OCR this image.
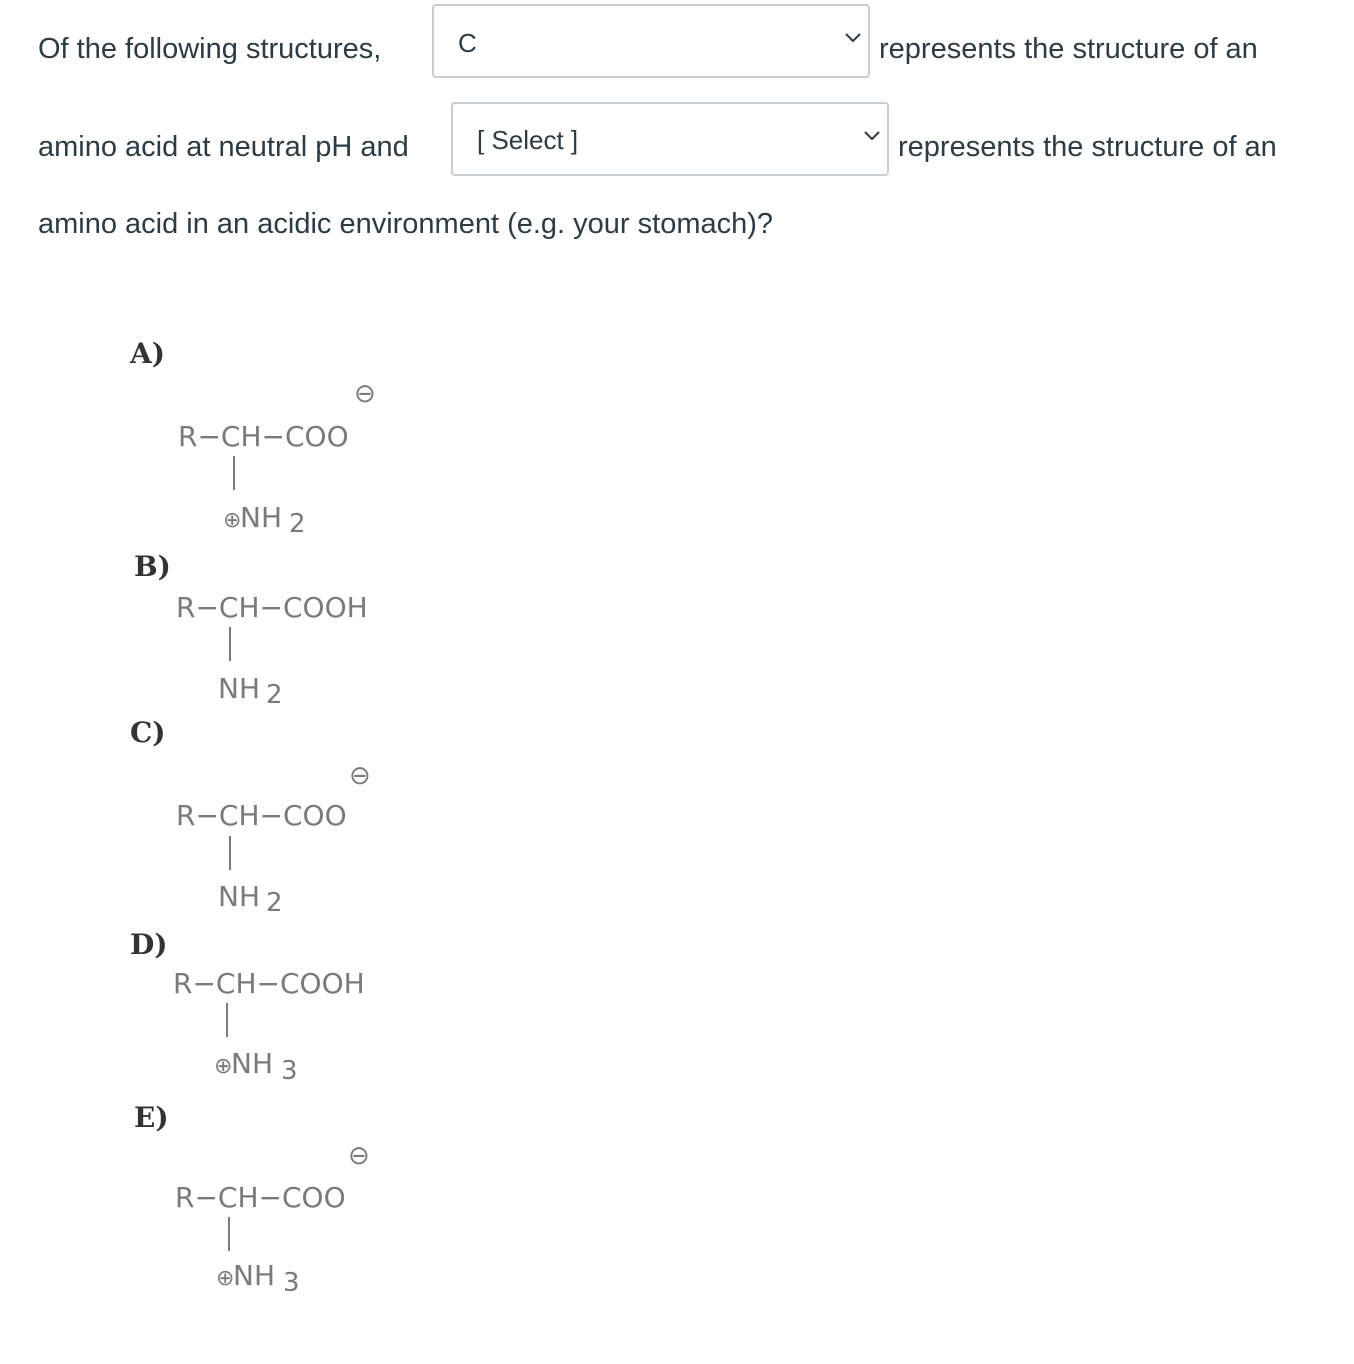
Of the following structures,	C	represents the structure of an
amino acid at neutral pH and	[ Select ]	represents the structure of an
amino acid in an acidic environment (e.g. your stomach)?
A)
B)
C)
D)
E)
⊖
R−CH−COO
⊕
NH 2
R−CH−COOH
NH 2
⊖
R−CH−COO
NH 2
R−CH−COOH
⊕
NH 3
⊖
R−CH−COO
⊕
NH 3
